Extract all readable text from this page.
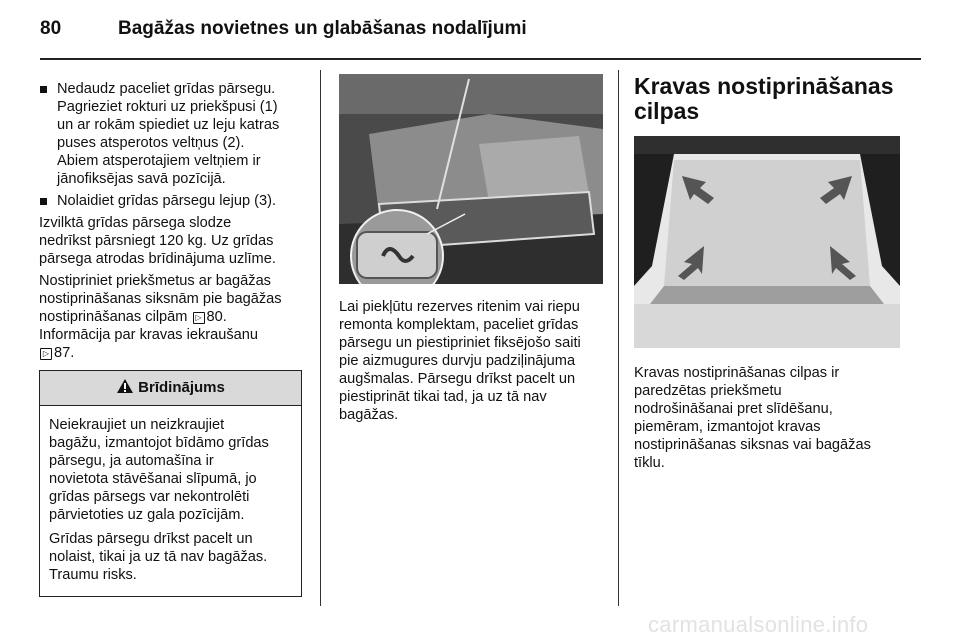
80	Bagāžas novietnes un glabāšanas nodalījumi
Nedaudz paceliet grīdas pārsegu.
Pagrieziet rokturi uz priekšpusi (1)
un ar rokām spiediet uz leju katras
puses atsperotos veltņus (2).
Abiem atsperotajiem veltņiem ir
jānofiksējas savā pozīcijā.
Nolaidiet grīdas pārsegu lejup (3).

Izvilktā grīdas pārsega slodze
nedrīkst pārsniegt 120 kg. Uz grīdas
pārsega atrodas brīdinājuma uzlīme.

Nostipriniet priekšmetus ar bagāžas
nostiprināšanas siksnām pie bagāžas
nostiprināšanas cilpām ▷ 80.
Informācija par kravas iekraušanu
▷ 87.

Brīdinājums

Neiekraujiet un neizkraujiet
bagāžu, izmantojot bīdāmo grīdas
pārsegu, ja automašīna ir
novietota stāvēšanai slīpumā, jo
grīdas pārsegs var nekontrolēti
pārvietoties uz gala pozīcijām.

Grīdas pārsegu drīkst pacelt un
nolaist, tikai ja uz tā nav bagāžas.
Traumu risks.

Lai piekļūtu rezerves ritenim vai riepu
remonta komplektam, paceliet grīdas
pārsegu un piestipriniet fiksējošo saiti
pie aizmugures durvju padziļinājuma
augšmalas. Pārsegu drīkst pacelt un
piestiprināt tikai tad, ja uz tā nav
bagāžas.

Kravas nostiprināšanas
cilpas

Kravas nostiprināšanas cilpas ir
paredzētas priekšmetu
nodrošināšanai pret slīdēšanu,
piemēram, izmantojot kravas
nostiprināšanas siksnas vai bagāžas
tīklu.

carmanualsonline.info
